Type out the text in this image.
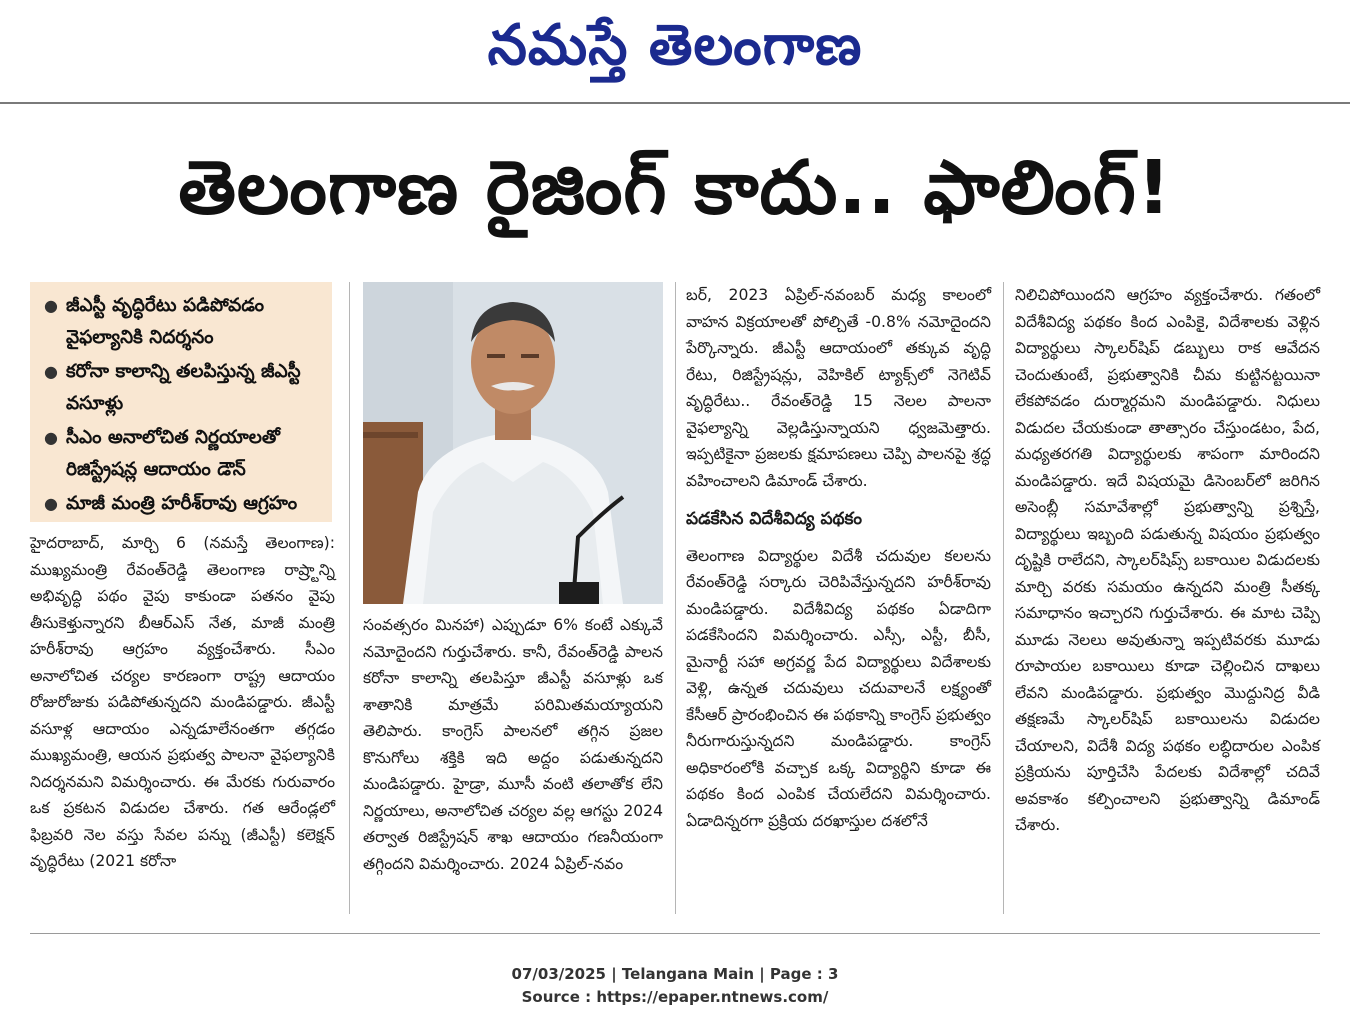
నమస్తే తెలంగాణ
తెలంగాణ రైజింగ్ కాదు.. ఫాలింగ్!
● జీఎస్టీ వృద్ధిరేటు పడిపోవడం వైఫల్యానికి నిదర్శనం
● కరోనా కాలాన్ని తలపిస్తున్న జీఎస్టీ వసూళ్లు
● సీఎం అనాలోచిత నిర్ణయాలతో రిజిస్ట్రేషన్ల ఆదాయం డౌన్
● మాజీ మంత్రి హరీశ్‌రావు ఆగ్రహం
హైదరాబాద్, మార్చి 6 (నమస్తే తెలంగాణ): ముఖ్యమంత్రి రేవంత్‌రెడ్డి తెలంగాణ రాష్ర్టాన్ని అభివృద్ధి పథం వైపు కాకుండా పతనం వైపు తీసుకెళ్తున్నారని బీఆర్‌ఎస్ నేత, మాజీ మంత్రి హరీశ్‌రావు ఆగ్రహం వ్యక్తంచేశారు. సీఎం అనాలోచిత చర్యల కారణంగా రాష్ట్ర ఆదాయం రోజురోజుకు పడిపోతున్నదని మండిపడ్డారు. జీఎస్టీ వసూళ్ల ఆదాయం ఎన్నడూలేనంతగా తగ్గడం ముఖ్యమంత్రి, ఆయన ప్రభుత్వ పాలనా వైఫల్యానికి నిదర్శనమని విమర్శించారు. ఈ మేరకు గురువారం ఒక ప్రకటన విడుదల చేశారు. గత ఆరేండ్లలో ఫిబ్రవరి నెల వస్తు సేవల పన్ను (జీఎస్టీ) కలెక్షన్ వృద్ధిరేటు (2021 కరోనా
సంవత్సరం మినహా) ఎప్పుడూ 6% కంటే ఎక్కువే నమోదైందని గుర్తుచేశారు. కానీ, రేవంత్‌రెడ్డి పాలన కరోనా కాలాన్ని తలపిస్తూ జీఎస్టీ వసూళ్లు ఒక శాతానికి మాత్రమే పరిమితమయ్యాయని తెలిపారు. కాంగ్రెస్ పాలనలో తగ్గిన ప్రజల కొనుగోలు శక్తికి ఇది అద్దం పడుతున్నదని మండిపడ్డారు. హైడ్రా, మూసీ వంటి తలాతోక లేని నిర్ణయాలు, అనాలోచిత చర్యల వల్ల ఆగస్టు 2024 తర్వాత రిజిస్ట్రేషన్ శాఖ ఆదాయం గణనీయంగా తగ్గిందని విమర్శించారు. 2024 ఏప్రిల్-నవం
బర్, 2023 ఏప్రిల్-నవంబర్ మధ్య కాలంలో వాహన విక్రయాలతో పోల్చితే -0.8% నమోదైందని పేర్కొన్నారు. జీఎస్టీ ఆదాయంలో తక్కువ వృద్ధి రేటు, రిజిస్ట్రేషన్లు, వెహికిల్ ట్యాక్స్‌లో నెగెటివ్ వృద్ధిరేటు.. రేవంత్‌రెడ్డి 15 నెలల పాలనా వైఫల్యాన్ని వెల్లడిస్తున్నాయని ధ్వజమెత్తారు. ఇప్పటికైనా ప్రజలకు క్షమాపణలు చెప్పి పాలనపై శ్రద్ధ వహించాలని డిమాండ్ చేశారు.
పడకేసిన విదేశీవిద్య పథకం
తెలంగాణ విద్యార్థుల విదేశీ చదువుల కలలను రేవంత్‌రెడ్డి సర్కారు చెరిపివేస్తున్నదని హరీశ్‌రావు మండిపడ్డారు. విదేశీవిద్య పథకం ఏడాదిగా పడకేసిందని విమర్శించారు. ఎస్సీ, ఎస్టీ, బీసీ, మైనార్టీ సహా అగ్రవర్ణ పేద విద్యార్థులు విదేశాలకు వెళ్లి, ఉన్నత చదువులు చదువాలనే లక్ష్యంతో కేసీఆర్ ప్రారంభించిన ఈ పథకాన్ని కాంగ్రెస్ ప్రభుత్వం నీరుగారుస్తున్నదని మండిపడ్డారు. కాంగ్రెస్ అధికారంలోకి వచ్చాక ఒక్క విద్యార్థిని కూడా ఈ పథకం కింద ఎంపిక చేయలేదని విమర్శించారు. ఏడాదిన్నరగా ప్రక్రియ దరఖాస్తుల దశలోనే
నిలిచిపోయిందని ఆగ్రహం వ్యక్తంచేశారు. గతంలో విదేశీవిద్య పథకం కింద ఎంపికై, విదేశాలకు వెళ్లిన విద్యార్థులు స్కాలర్‌షిప్ డబ్బులు రాక ఆవేదన చెందుతుంటే, ప్రభుత్వానికి చీమ కుట్టినట్టయినా లేకపోవడం దుర్మార్గమని మండిపడ్డారు. నిధులు విడుదల చేయకుండా తాత్సారం చేస్తుండటం, పేద, మధ్యతరగతి విద్యార్థులకు శాపంగా మారిందని మండిపడ్డారు. ఇదే విషయమై డిసెంబర్‌లో జరిగిన అసెంబ్లీ సమావేశాల్లో ప్రభుత్వాన్ని ప్రశ్నిస్తే, విద్యార్థులు ఇబ్బంది పడుతున్న విషయం ప్రభుత్వం దృష్టికి రాలేదని, స్కాలర్‌షిప్స్ బకాయిల విడుదలకు మార్చి వరకు సమయం ఉన్నదని మంత్రి సీతక్క సమాధానం ఇచ్చారని గుర్తుచేశారు. ఈ మాట చెప్పి మూడు నెలలు అవుతున్నా ఇప్పటివరకు మూడు రూపాయల బకాయిలు కూడా చెల్లించిన దాఖలు లేవని మండిపడ్డారు. ప్రభుత్వం మొద్దునిద్ర వీడి తక్షణమే స్కాలర్‌షిప్ బకాయిలను విడుదల చేయాలని, విదేశీ విద్య పథకం లబ్ధిదారుల ఎంపిక ప్రక్రియను పూర్తిచేసి పేదలకు విదేశాల్లో చదివే అవకాశం కల్పించాలని ప్రభుత్వాన్ని డిమాండ్ చేశారు.
07/03/2025 | Telangana Main | Page : 3
Source : https://epaper.ntnews.com/
